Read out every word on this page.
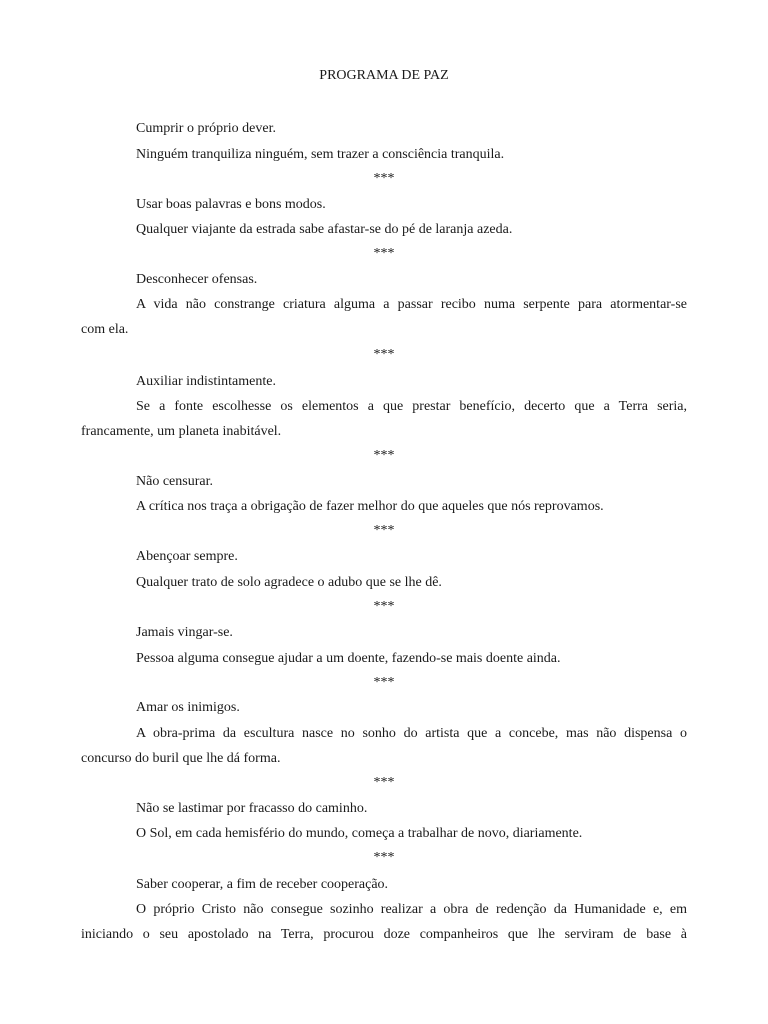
PROGRAMA DE PAZ
Cumprir o próprio dever.
Ninguém tranquiliza ninguém, sem trazer a consciência tranquila.
***
Usar boas palavras e bons modos.
Qualquer viajante da estrada sabe afastar-se do pé de laranja azeda.
***
Desconhecer ofensas.
A vida não constrange criatura alguma a passar recibo numa serpente para atormentar-se
com ela.
***
Auxiliar indistintamente.
Se a fonte escolhesse os elementos a que prestar benefício, decerto que a Terra seria,
francamente, um planeta inabitável.
***
Não censurar.
A crítica nos traça a obrigação de fazer melhor do que aqueles que nós reprovamos.
***
Abençoar sempre.
Qualquer trato de solo agradece o adubo que se lhe dê.
***
Jamais vingar-se.
Pessoa alguma consegue ajudar a um doente, fazendo-se mais doente ainda.
***
Amar os inimigos.
A obra-prima da escultura nasce no sonho do artista que a concebe, mas não dispensa o
concurso do buril que lhe dá forma.
***
Não se lastimar por fracasso do caminho.
O Sol, em cada hemisfério do mundo, começa a trabalhar de novo, diariamente.
***
Saber cooperar, a fim de receber cooperação.
O próprio Cristo não consegue sozinho realizar a obra de redenção da Humanidade e, em
iniciando o seu apostolado na Terra, procurou doze companheiros que lhe serviram de base à
